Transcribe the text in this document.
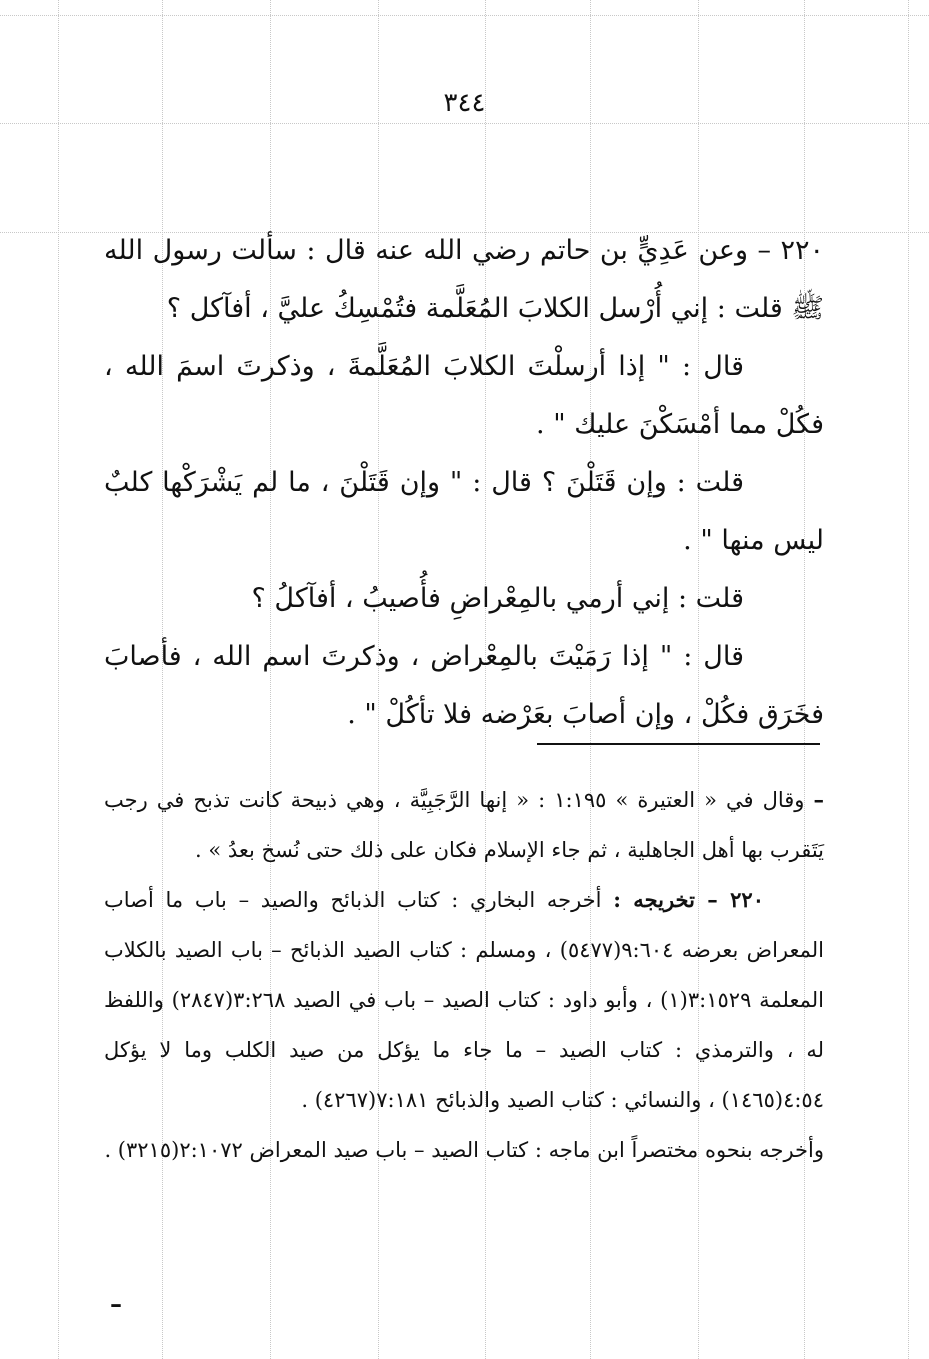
٣٤٤

٢٢٠ – وعن عَدِيٍّ بن حاتم رضي الله عنه قال : سألت رسول الله ﷺ قلت : إني أُرْسل الكلابَ المُعَلَّمة فتُمْسِكُ عليَّ ، أفآكل ؟

قال : " إذا أرسلْتَ الكلابَ المُعَلَّمةَ ، وذكرتَ اسمَ الله ، فكُلْ مما أمْسَكْنَ عليك " .

قلت : وإن قَتَلْنَ ؟ قال : " وإن قَتَلْنَ ، ما لم يَشْرَكْها كلبٌ ليس منها " .

قلت : إني أرمي بالمِعْراضِ فأُصيبُ ، أفآكلُ ؟

قال : " إذا رَمَيْتَ بالمِعْراض ، وذكرتَ اسم الله ، فأصابَ فخَرَق فكُلْ ، وإن أصابَ بعَرْضه فلا تأكُلْ " .

– وقال في « العتيرة » ١:١٩٥ : « إنها الرَّجَبِيَّة ، وهي ذبيحة كانت تذبح في رجب يَتَقرب بها أهل الجاهلية ، ثم جاء الإسلام فكان على ذلك حتى نُسخ بعدُ » .

٢٢٠ – تخريجه : أخرجه البخاري : كتاب الذبائح والصيد – باب ما أصاب المعراض بعرضه ٩:٦٠٤(٥٤٧٧) ، ومسلم : كتاب الصيد الذبائح – باب الصيد بالكلاب المعلمة ٣:١٥٢٩(١) ، وأبو داود : كتاب الصيد – باب في الصيد ٣:٢٦٨(٢٨٤٧) واللفظ له ، والترمذي : كتاب الصيد – ما جاء ما يؤكل من صيد الكلب وما لا يؤكل ٤:٥٤(١٤٦٥) ، والنسائي : كتاب الصيد والذبائح ٧:١٨١(٤٢٦٧) .

وأخرجه بنحوه مختصراً ابن ماجه : كتاب الصيد – باب صيد المعراض ٢:١٠٧٢(٣٢١٥) .

–
